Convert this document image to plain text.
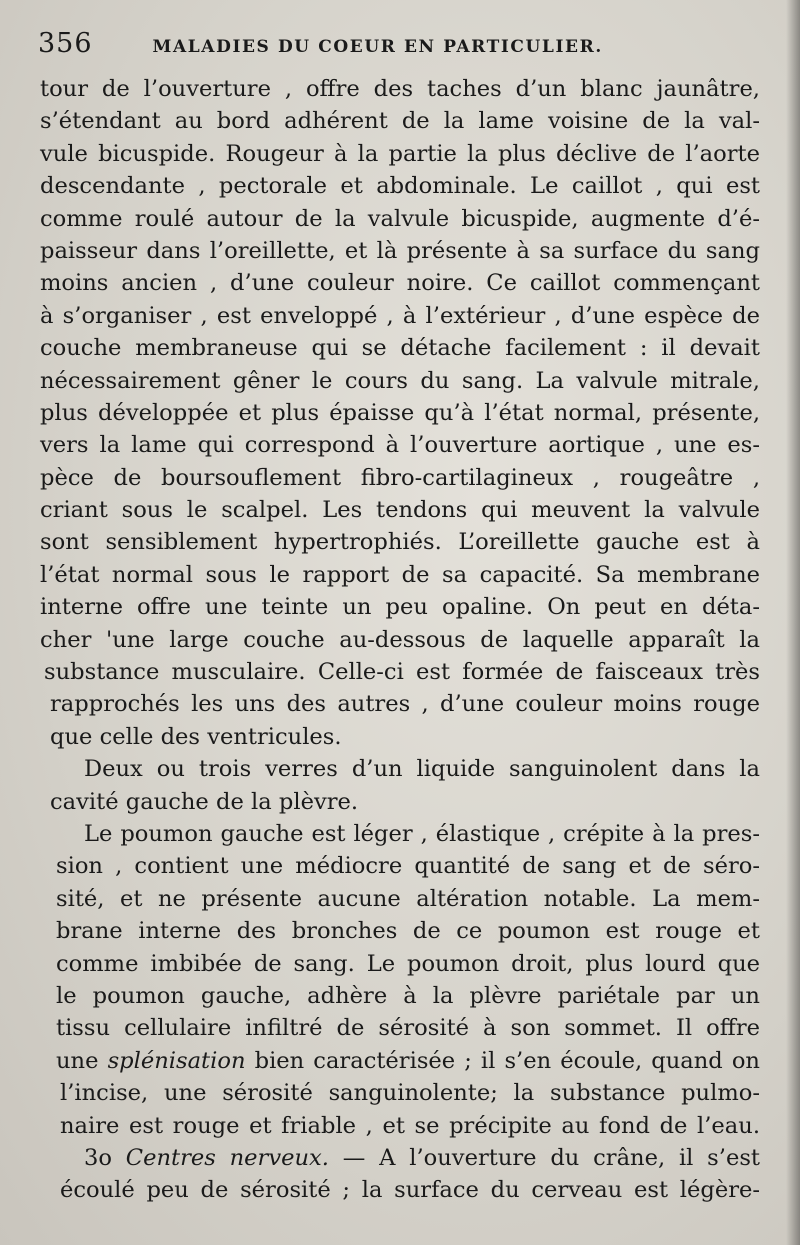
356	MALADIES DU COEUR EN PARTICULIER.
tour de l’ouverture , offre des taches d’un blanc jaunâtre,
s’étendant au bord adhérent de la lame voisine de la val-
vule bicuspide. Rougeur à la partie la plus déclive de l’aorte
descendante , pectorale et abdominale. Le caillot , qui est
comme roulé autour de la valvule bicuspide, augmente d’é-
paisseur dans l’oreillette, et là présente à sa surface du sang
moins ancien , d’une couleur noire. Ce caillot commençant
à s’organiser , est enveloppé , à l’extérieur , d’une espèce de
couche membraneuse qui se détache facilement : il devait
nécessairement gêner le cours du sang. La valvule mitrale,
plus développée et plus épaisse qu’à l’état normal, présente,
vers la lame qui correspond à l’ouverture aortique , une es-
pèce de boursouflement fibro-cartilagineux , rougeâtre ,
criant sous le scalpel. Les tendons qui meuvent la valvule
sont sensiblement hypertrophiés. L’oreillette gauche est à
l’état normal sous le rapport de sa capacité. Sa membrane
interne offre une teinte un peu opaline. On peut en déta-
cher 'une large couche au-dessous de laquelle apparaît la
substance musculaire. Celle-ci est formée de faisceaux très
rapprochés les uns des autres , d’une couleur moins rouge
que celle des ventricules.
Deux ou trois verres d’un liquide sanguinolent dans la
cavité gauche de la plèvre.
Le poumon gauche est léger , élastique , crépite à la pres-
sion , contient une médiocre quantité de sang et de séro-
sité, et ne présente aucune altération notable. La mem-
brane interne des bronches de ce poumon est rouge et
comme imbibée de sang. Le poumon droit, plus lourd que
le poumon gauche, adhère à la plèvre pariétale par un
tissu cellulaire infiltré de sérosité à son sommet. Il offre
une splénisation bien caractérisée ; il s’en écoule, quand on
l’incise, une sérosité sanguinolente; la substance pulmo-
naire est rouge et friable , et se précipite au fond de l’eau.
3o Centres nerveux. — A l’ouverture du crâne, il s’est
écoulé peu de sérosité ; la surface du cerveau est légère-
